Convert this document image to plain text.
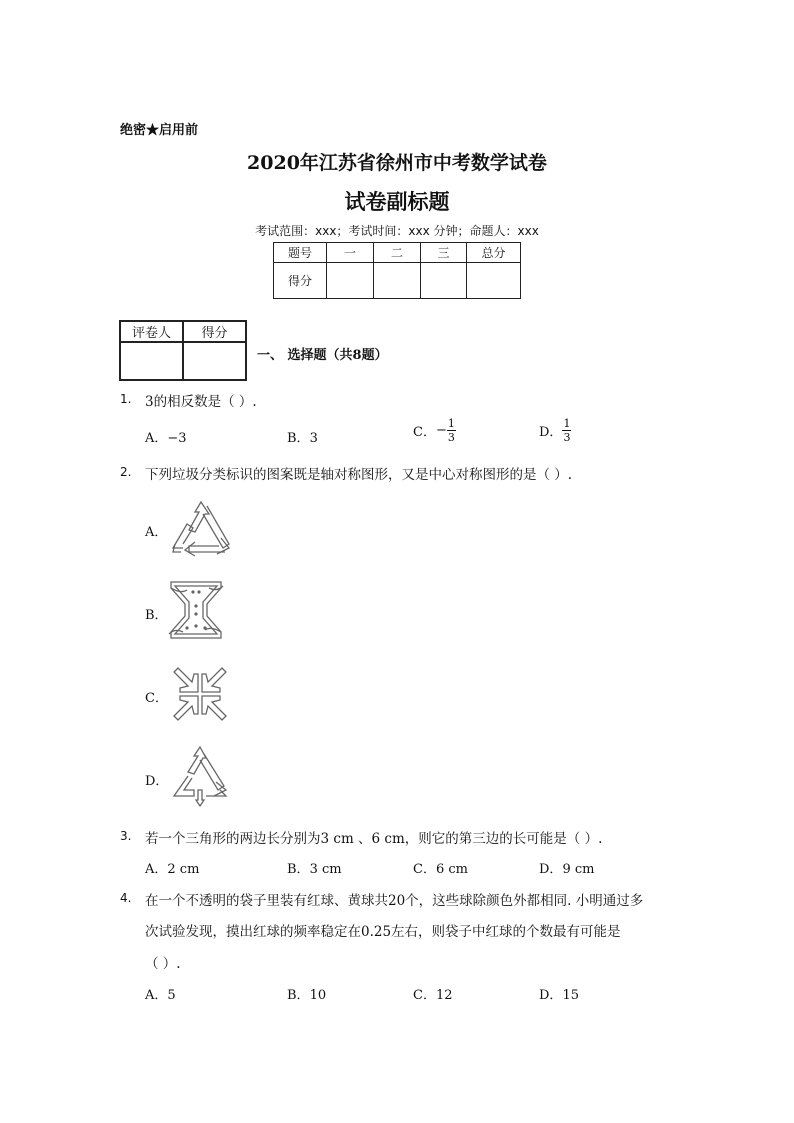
绝密★启用前
2020年江苏省徐州市中考数学试卷
试卷副标题
考试范围：xxx；考试时间：xxx 分钟；命题人：xxx
题号	一	二	三	总分
得分				
评卷人	得分

一、 选择题（共8题）
1. 3的相反数是（ ）.
A．−3	B．3	C．− $\frac{1}{3}$	D． $\frac{1}{3}$
2. 下列垃圾分类标识的图案既是轴对称图形，又是中心对称图形的是（ ）.
A．
B．
C．
D．
3. 若一个三角形的两边长分别为3 cm 、6 cm，则它的第三边的长可能是（ ）.
A．2 cm	B．3 cm	C．6 cm	D．9 cm
4. 在一个不透明的袋子里装有红球、黄球共20个，这些球除颜色外都相同. 小明通过多
次试验发现，摸出红球的频率稳定在0.25左右，则袋子中红球的个数最有可能是
（ ）.
A．5	B．10	C．12	D．15
